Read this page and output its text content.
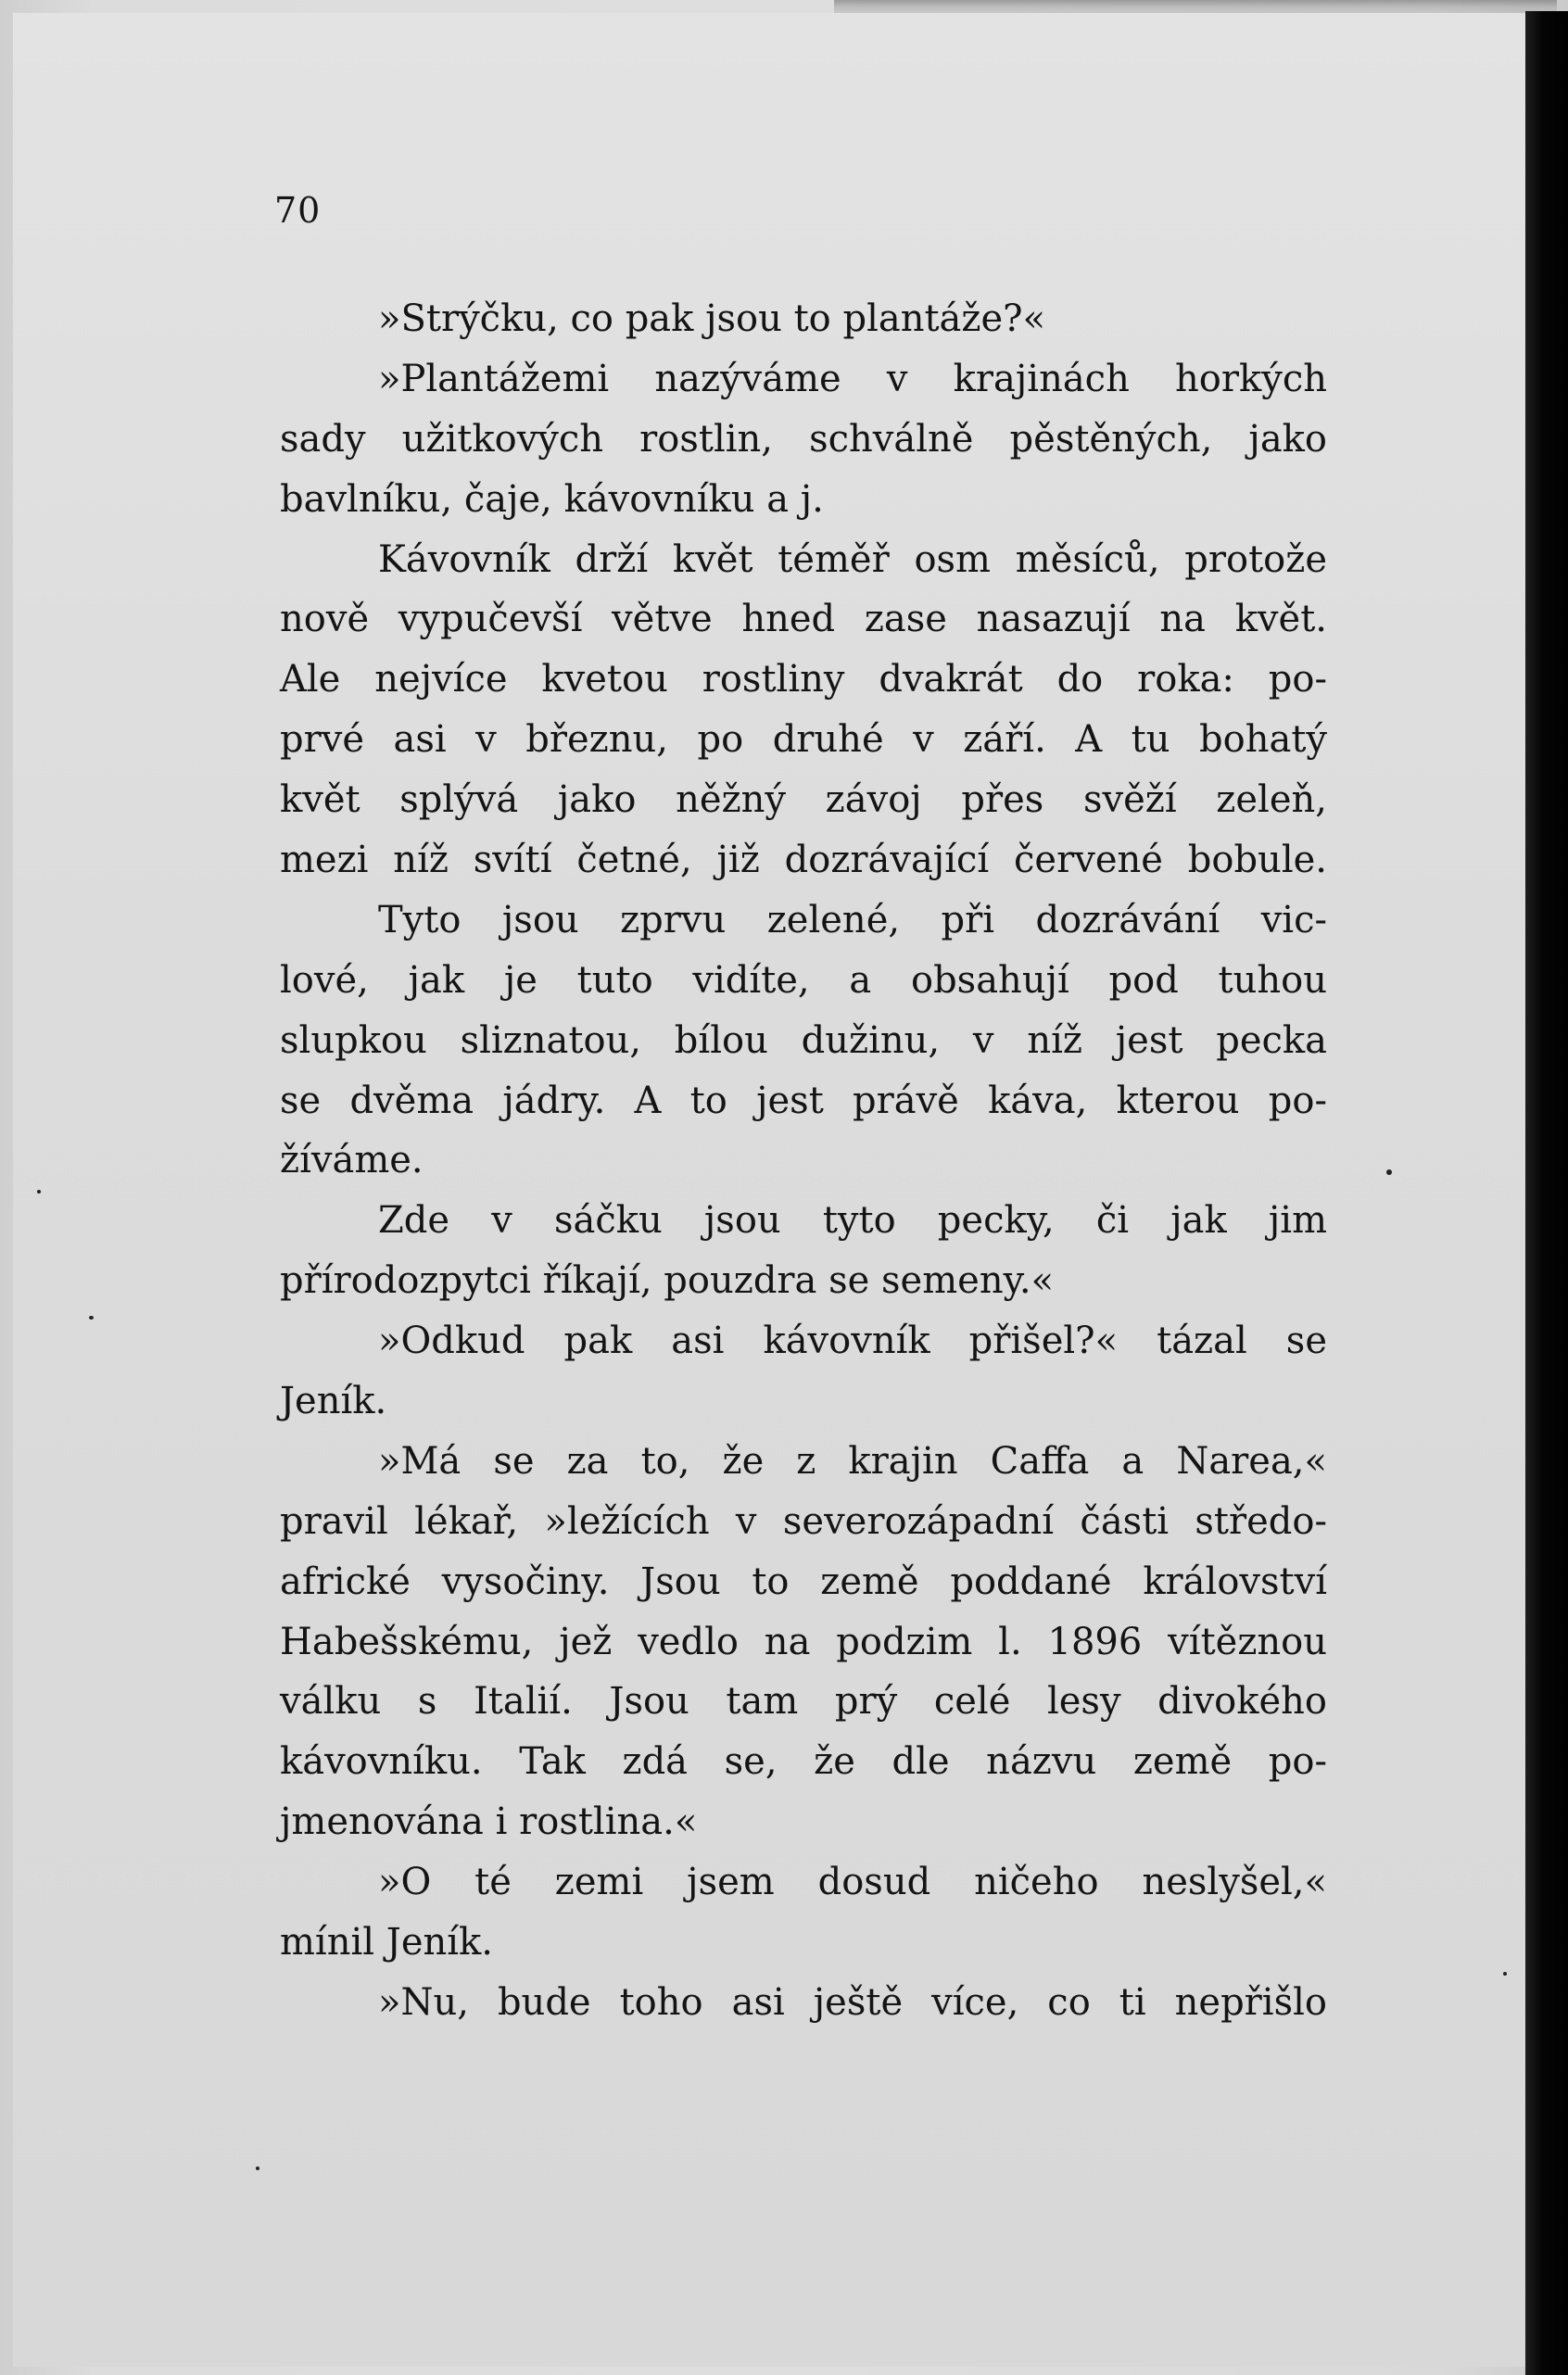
70
»Strýčku, co pak jsou to plantáže?«
»Plantážemi nazýváme v krajinách horkých
sady užitkových rostlin, schválně pěstěných, jako
bavlníku, čaje, kávovníku a j.
Kávovník drží květ téměř osm měsíců, protože
nově vypučevší větve hned zase nasazují na květ.
Ale nejvíce kvetou rostliny dvakrát do roka: po-
prvé asi v březnu, po druhé v září. A tu bohatý
květ splývá jako něžný závoj přes svěží zeleň,
mezi níž svítí četné, již dozrávající červené bobule.
Tyto jsou zprvu zelené, při dozrávání vic-
lové, jak je tuto vidíte, a obsahují pod tuhou
slupkou sliznatou, bílou dužinu, v níž jest pecka
se dvěma jádry. A to jest právě káva, kterou po-
žíváme.
Zde v sáčku jsou tyto pecky, či jak jim
přírodozpytci říkají, pouzdra se semeny.«
»Odkud pak asi kávovník přišel?« tázal se
Jeník.
»Má se za to, že z krajin Caffa a Narea,«
pravil lékař, »ležících v severozápadní části středo-
africké vysočiny. Jsou to země poddané království
Habešskému, jež vedlo na podzim l. 1896 vítěznou
válku s Italií. Jsou tam prý celé lesy divokého
kávovníku. Tak zdá se, že dle názvu země po-
jmenována i rostlina.«
»O té zemi jsem dosud ničeho neslyšel,«
mínil Jeník.
»Nu, bude toho asi ještě více, co ti nepřišlo
